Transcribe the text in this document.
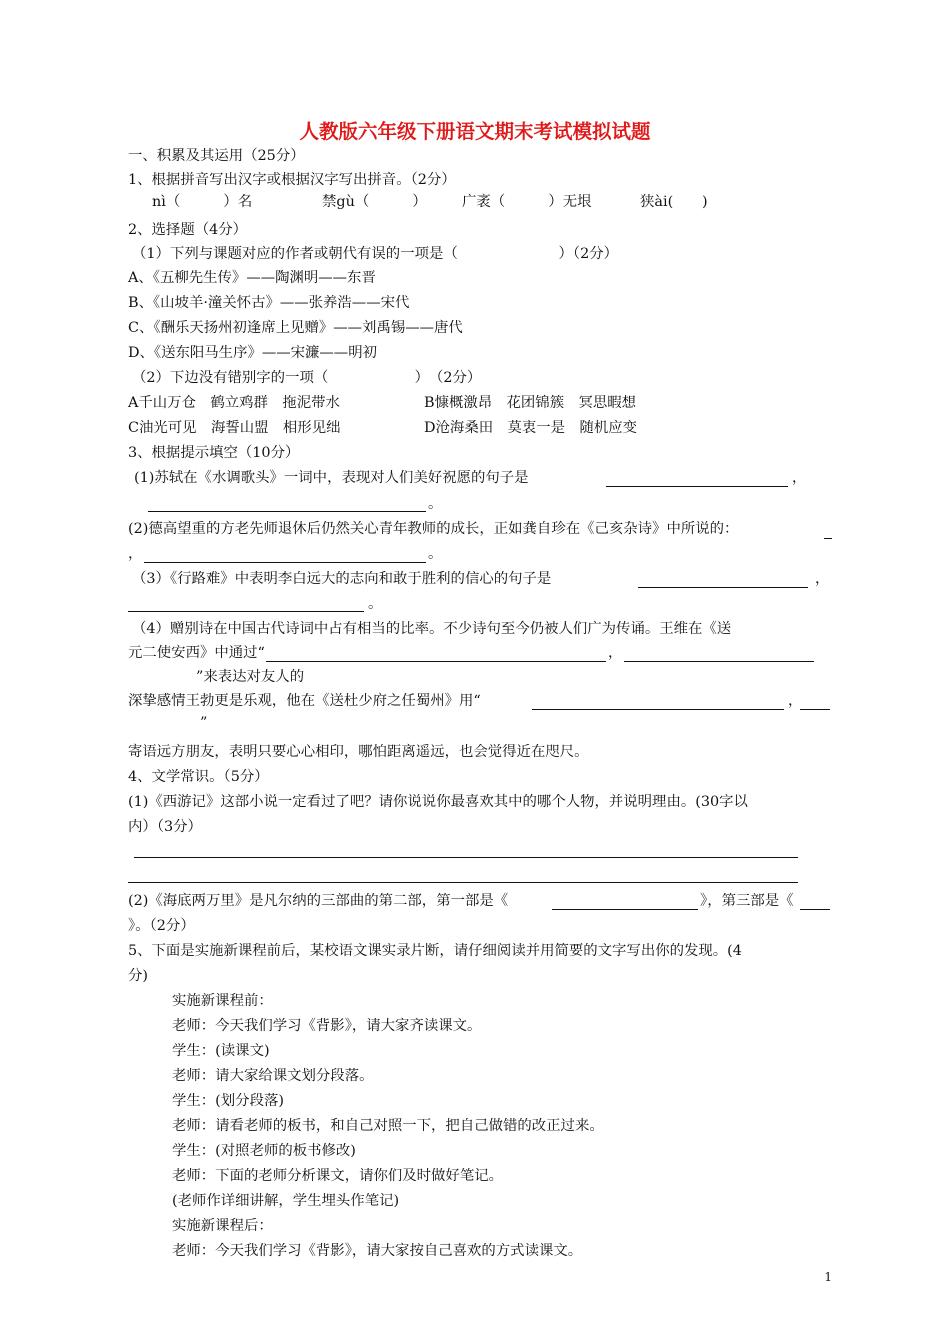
人教版六年级下册语文期末考试模拟试题
一、积累及其运用（25分）
1、根据拼音写出汉字或根据汉字写出拼音。（2分）
nì（　　　）名	禁gù（　　　） 广袤（　　　）无垠	狭ài(　　)
2、选择题（4分）
（1）下列与课题对应的作者或朝代有误的一项是（　　　　　　　）（2分）
A、《五柳先生传》——陶渊明——东晋
B、《山坡羊·潼关怀古》——张养浩——宋代
C、《酬乐天扬州初逢席上见赠》——刘禹锡——唐代
D、《送东阳马生序》——宋濂——明初
（2）下边没有错别字的一项（　　　　　　）　（2分）
A千山万仓　鹤立鸡群　拖泥带水	B慷概激昂　花团锦簇　冥思暇想
C油光可见　海誓山盟　相形见绌	D沧海桑田　莫衷一是　随机应变
3、根据提示填空（10分）
(1)苏轼在《水调歌头》一词中，表现对人们美好祝愿的句子是	，
。
(2)德高望重的方老先师退休后仍然关心青年教师的成长，正如龚自珍在《己亥杂诗》中所说的：
，	。
（3）《行路难》中表明李白远大的志向和敢于胜利的信心的句子是	，
。
（4）赠别诗在中国古代诗词中占有相当的比率。不少诗句至今仍被人们广为传诵。王维在《送
元二使安西》中通过“	，
”来表达对友人的
深挚感情王勃更是乐观，他在《送杜少府之任蜀州》用“	，
”
寄语远方朋友，表明只要心心相印，哪怕距离遥远，也会觉得近在咫尺。
4、文学常识。（5分）
(1)《西游记》这部小说一定看过了吧？请你说说你最喜欢其中的哪个人物，并说明理由。(30字以
内）（3分）
(2)《海底两万里》是凡尔纳的三部曲的第二部，第一部是《	》，第三部是《
》。（2分）
5、下面是实施新课程前后，某校语文课实录片断，请仔细阅读并用简要的文字写出你的发现。(4
分)
实施新课程前：
老师：今天我们学习《背影》，请大家齐读课文。
学生：(读课文)
老师：请大家给课文划分段落。
学生：(划分段落)
老师：请看老师的板书，和自己对照一下，把自己做错的改正过来。
学生：(对照老师的板书修改)
老师：下面的老师分析课文，请你们及时做好笔记。
(老师作详细讲解，学生埋头作笔记)
实施新课程后：
老师：今天我们学习《背影》，请大家按自己喜欢的方式读课文。
1
